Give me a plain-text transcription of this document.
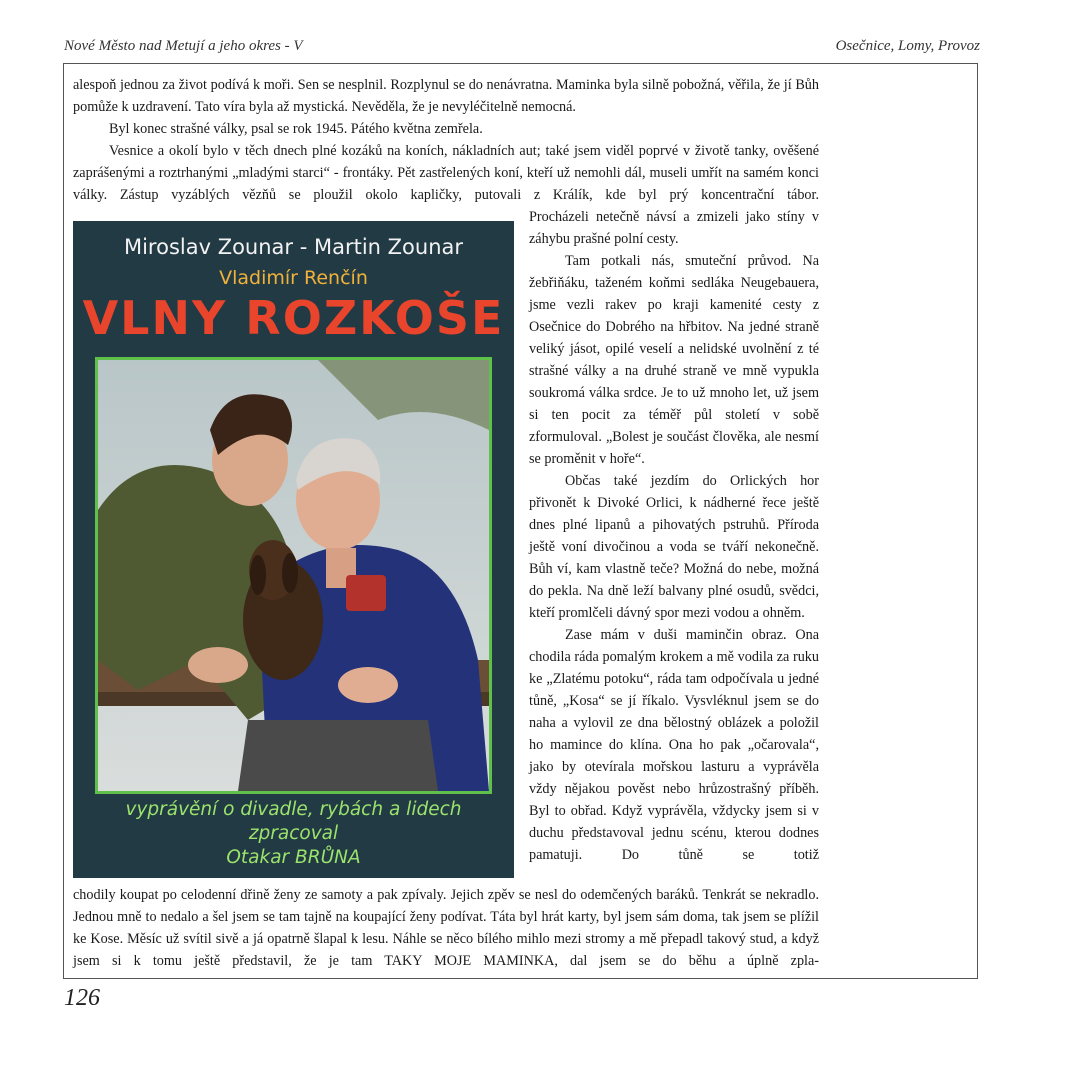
Nové Město nad Metují a jeho okres - V	Osečnice, Lomy, Provoz

alespoň jednou za život podívá k moři. Sen se nesplnil. Rozplynul se do nenávratna. Maminka byla silně pobožná, věřila, že jí Bůh pomůže k uzdravení. Tato víra byla až mystická. Nevěděla, že je nevyléčitelně nemocná.

Byl konec strašné války, psal se rok 1945. Pátého května zemřela.

Vesnice a okolí bylo v těch dnech plné kozáků na koních, nákladních aut; také jsem viděl poprvé v životě tanky, ověšené zaprášenými a roztrhanými „mladými starci“ - frontáky. Pět zastřelených koní, kteří už nemohli dál, museli umřít na samém konci války. Zástup vyzáblých vězňů se ploužil okolo kapličky, putovali z Králík, kde byl prý koncentrační tábor.

Miroslav Zounar - Martin Zounar
Vladimír Renčín
VLNY ROZKOŠE
vyprávění o divadle, rybách a lidech
zpracoval
Otakar BRŮNA

Procházeli netečně návsí a zmizeli jako stíny v záhybu prašné polní cesty.

Tam potkali nás, smuteční průvod. Na žebřiňáku, taženém koňmi sedláka Neugebauera, jsme vezli rakev po kraji kamenité cesty z Osečnice do Dobrého na hřbitov. Na jedné straně veliký jásot, opilé veselí a nelidské uvolnění z té strašné války a na druhé straně ve mně vypukla soukromá válka srdce. Je to už mnoho let, už jsem si ten pocit za téměř půl století v sobě zformuloval. „Bolest je součást člověka, ale nesmí se proměnit v hoře“.

Občas také jezdím do Orlických hor přivonět k Divoké Orlici, k nádherné řece ještě dnes plné lipanů a pihovatých pstruhů. Příroda ještě voní divočinou a voda se tváří nekonečně. Bůh ví, kam vlastně teče? Možná do nebe, možná do pekla. Na dně leží balvany plné osudů, svědci, kteří promlčeli dávný spor mezi vodou a ohněm.

Zase mám v duši maminčin obraz. Ona chodila ráda pomalým krokem a mě vodila za ruku ke „Zlatému potoku“, ráda tam odpočívala u jedné tůně, „Kosa“ se jí říkalo. Vysvléknul jsem se do naha a vylovil ze dna bělostný oblázek a položil ho mamince do klína. Ona ho pak „očarovala“, jako by otevírala mořskou lasturu a vyprávěla vždy nějakou pověst nebo hrůzostrašný příběh. Byl to obřad. Když vyprávěla, vždycky jsem si v duchu představoval jednu scénu, kterou dodnes pamatuji. Do tůně se totiž

chodily koupat po celodenní dřině ženy ze samoty a pak zpívaly. Jejich zpěv se nesl do odemčených baráků. Tenkrát se nekradlo. Jednou mně to nedalo a šel jsem se tam tajně na koupající ženy podívat. Táta byl hrát karty, byl jsem sám doma, tak jsem se plížil ke Kose. Měsíc už svítil sivě a já opatrně šlapal k lesu. Náhle se něco bílého mihlo mezi stromy a mě přepadl takový stud, a když jsem si k tomu ještě představil, že je tam TAKY MOJE MAMINKA, dal jsem se do běhu a úplně zpla-

126
